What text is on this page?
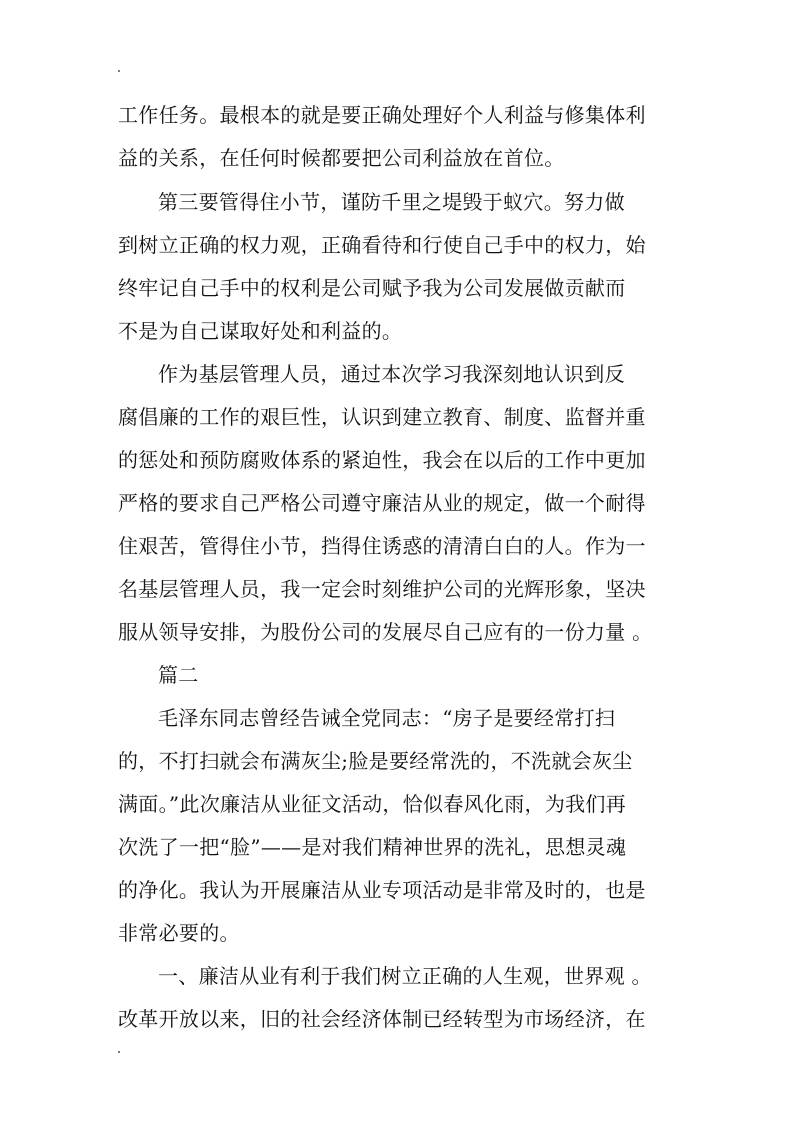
工作任务。最根本的就是要正确处理好个人利益与修集体利
益的关系，在任何时候都要把公司利益放在首位。
第三要管得住小节，谨防千里之堤毁于蚁穴。努力做
到树立正确的权力观，正确看待和行使自己手中的权力，始
终牢记自己手中的权利是公司赋予我为公司发展做贡献而
不是为自己谋取好处和利益的。
作为基层管理人员，通过本次学习我深刻地认识到反
腐倡廉的工作的艰巨性，认识到建立教育、制度、监督并重
的惩处和预防腐败体系的紧迫性，我会在以后的工作中更加
严格的要求自己严格公司遵守廉洁从业的规定，做一个耐得
住艰苦，管得住小节，挡得住诱惑的清清白白的人。作为一
名基层管理人员，我一定会时刻维护公司的光辉形象，坚决
服从领导安排，为股份公司的发展尽自己应有的一份力量 。
篇二
毛泽东同志曾经告诫全党同志：“房子是要经常打扫
的，不打扫就会布满灰尘;脸是要经常洗的，不洗就会灰尘
满面。”此次廉洁从业征文活动，恰似春风化雨，为我们再
次洗了一把“脸”——是对我们精神世界的洗礼，思想灵魂
的净化。我认为开展廉洁从业专项活动是非常及时的，也是
非常必要的。
一、廉洁从业有利于我们树立正确的人生观，世界观 。
改革开放以来，旧的社会经济体制已经转型为市场经济，在
